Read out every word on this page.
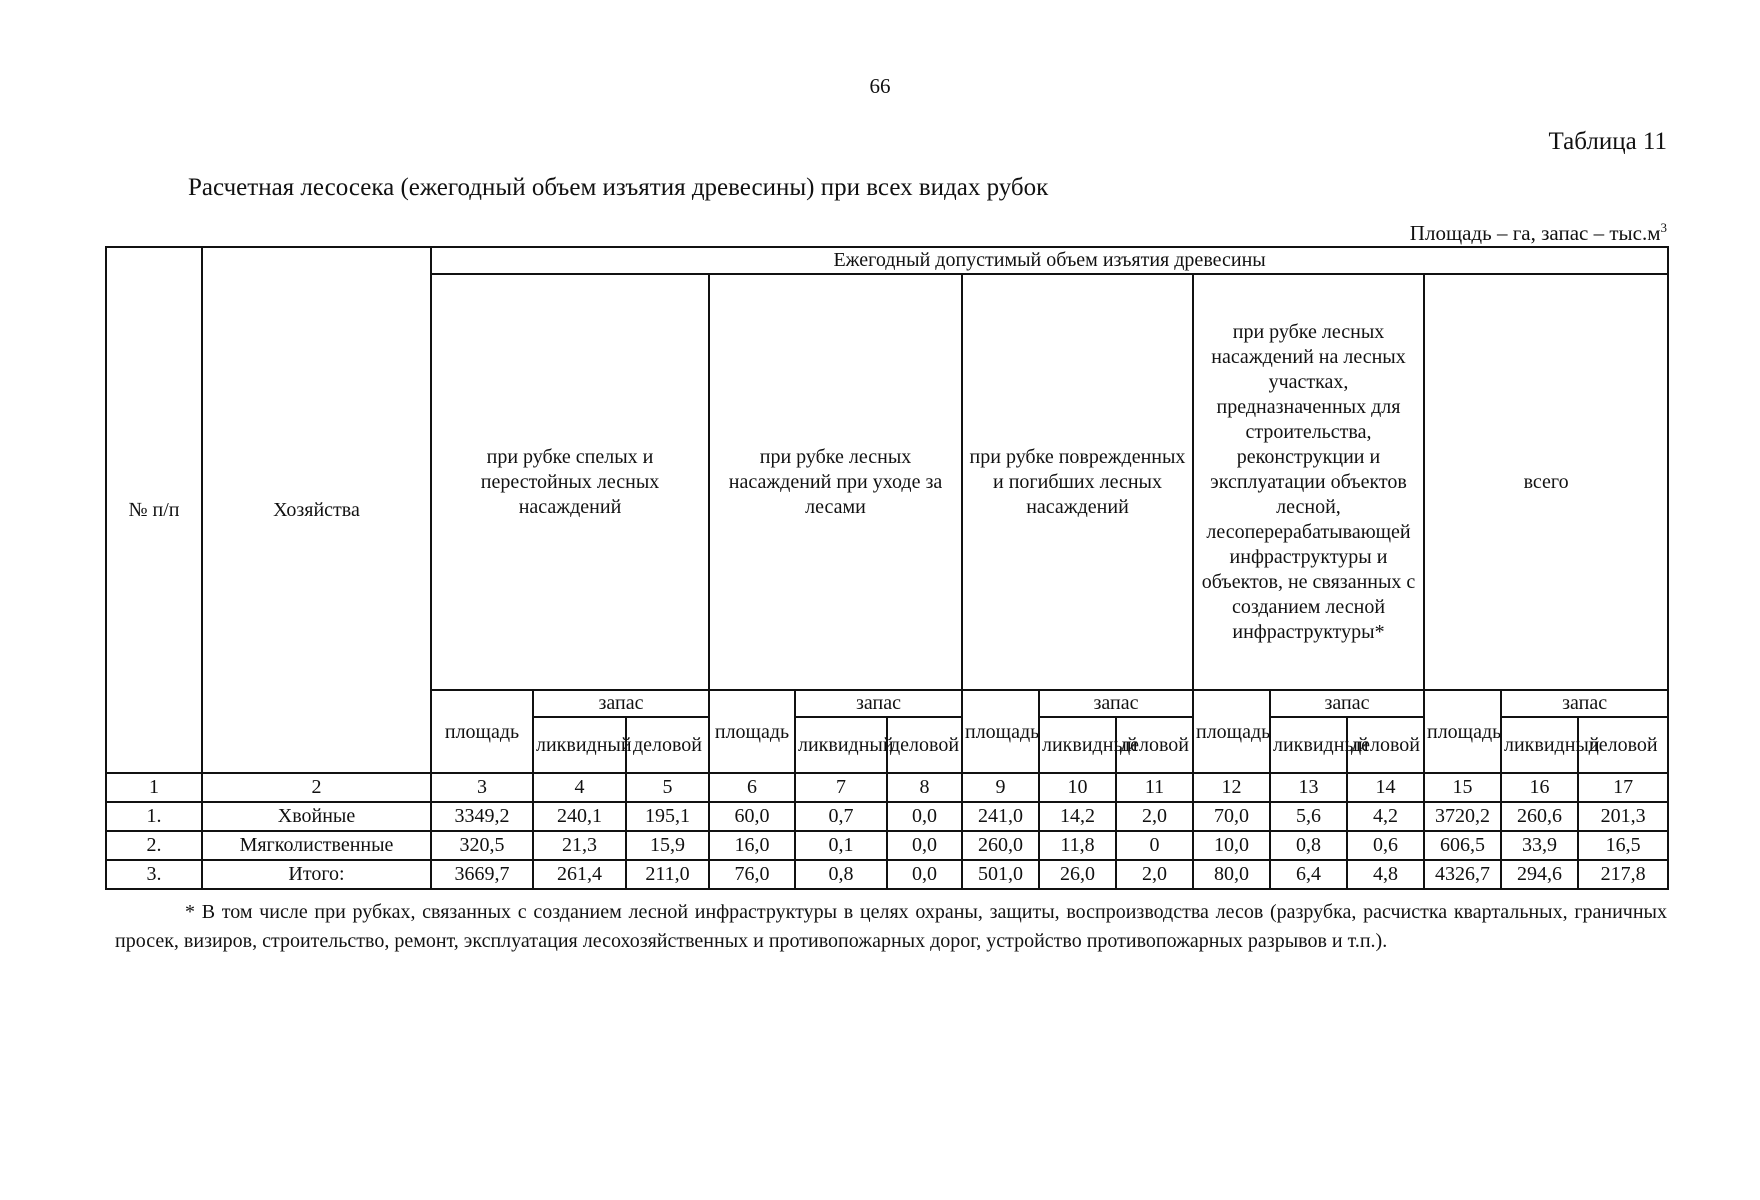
66
Таблица 11
Расчетная лесосека (ежегодный объем изъятия древесины) при всех видах рубок
Площадь – га, запас – $тыс.м^3$
№ п/п	Хозяйства	Ежегодный допустимый объем изъятия древесины														
		при рубке спелых и перестойных лесных насаждений			при рубке лесных насаждений при уходе за лесами			при рубке поврежденных и погибших лесных насаждений			при рубке лесных насаждений на лесных участках, предназначенных для строительства, реконструкции и эксплуатации объектов лесной, лесоперерабатывающей инфраструктуры и объектов, не связанных с созданием лесной инфраструктуры*			всего		
		площадь	запас		площадь	запас		площадь	запас		площадь	запас		площадь	запас	
			ликвидный	деловой		ликвидный	деловой		ликвидный	деловой		ликвидный	деловой		ликвидный	деловой
1	2	3	4	5	6	7	8	9	10	11	12	13	14	15	16	17
1.	Хвойные	3349,2	240,1	195,1	60,0	0,7	0,0	241,0	14,2	2,0	70,0	5,6	4,2	3720,2	260,6	201,3
2.	Мягколиственные	320,5	21,3	15,9	16,0	0,1	0,0	260,0	11,8	0	10,0	0,8	0,6	606,5	33,9	16,5
3.	Итого:	3669,7	261,4	211,0	76,0	0,8	0,0	501,0	26,0	2,0	80,0	6,4	4,8	4326,7	294,6	217,8
* В том числе при рубках, связанных с созданием лесной инфраструктуры в целях охраны, защиты, воспроизводства лесов (разрубка, расчистка квартальных, граничных просек, визиров, строительство, ремонт, эксплуатация лесохозяйственных и противопожарных дорог, устройство противопожарных разрывов и т.п.).
